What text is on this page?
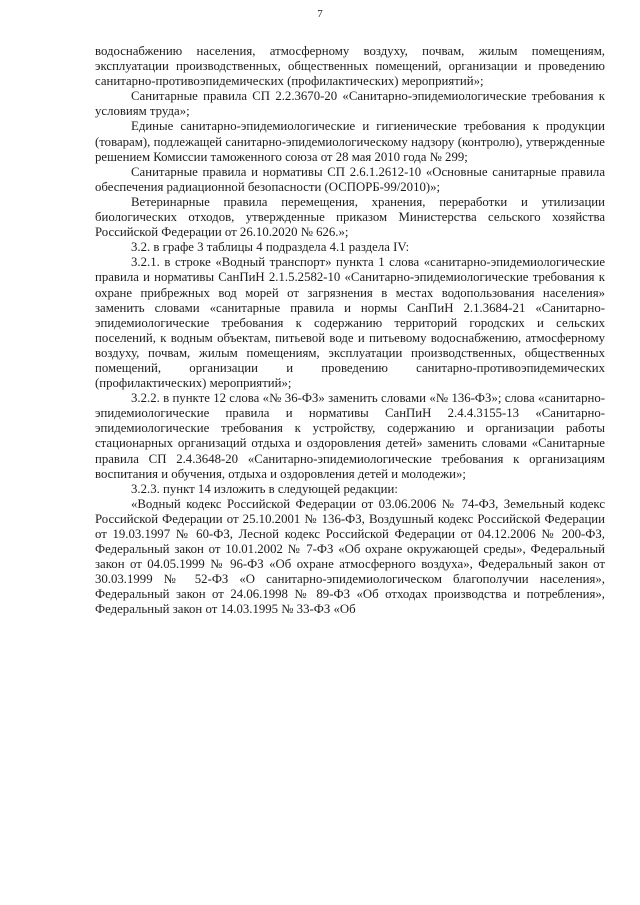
7

водоснабжению населения, атмосферному воздуху, почвам, жилым помещениям, эксплуатации производственных, общественных помещений, организации и проведению санитарно-противоэпидемических (профилактических) мероприятий»;

Санитарные правила СП 2.2.3670-20 «Санитарно-эпидемиологические требования к условиям труда»;

Единые санитарно-эпидемиологические и гигиенические требования к продукции (товарам), подлежащей санитарно-эпидемиологическому надзору (контролю), утвержденные решением Комиссии таможенного союза от 28 мая 2010 года № 299;

Санитарные правила и нормативы СП 2.6.1.2612-10 «Основные санитарные правила обеспечения радиационной безопасности (ОСПОРБ-99/2010)»;

Ветеринарные правила перемещения, хранения, переработки и утилизации биологических отходов, утвержденные приказом Министерства сельского хозяйства Российской Федерации от 26.10.2020 № 626.»;

3.2. в графе 3 таблицы 4 подраздела 4.1 раздела IV:

3.2.1. в строке «Водный транспорт» пункта 1 слова «санитарно-эпидемиологические правила и нормативы СанПиН 2.1.5.2582-10 «Санитарно-эпидемиологические требования к охране прибрежных вод морей от загрязнения в местах водопользования населения» заменить словами «санитарные правила и нормы СанПиН 2.1.3684-21 «Санитарно-эпидемиологические требования к содержанию территорий городских и сельских поселений, к водным объектам, питьевой воде и питьевому водоснабжению, атмосферному воздуху, почвам, жилым помещениям, эксплуатации производственных, общественных помещений, организации и проведению санитарно-противоэпидемических (профилактических) мероприятий»;

3.2.2. в пункте 12 слова «№ 36-ФЗ» заменить словами «№ 136-ФЗ»; слова «санитарно-эпидемиологические правила и нормативы СанПиН 2.4.4.3155-13 «Санитарно-эпидемиологические требования к устройству, содержанию и организации работы стационарных организаций отдыха и оздоровления детей» заменить словами «Санитарные правила СП 2.4.3648-20 «Санитарно-эпидемиологические требования к организациям воспитания и обучения, отдыха и оздоровления детей и молодежи»;

3.2.3. пункт 14 изложить в следующей редакции:

«Водный кодекс Российской Федерации от 03.06.2006 № 74-ФЗ, Земельный кодекс Российской Федерации от 25.10.2001 № 136-ФЗ, Воздушный кодекс Российской Федерации от 19.03.1997 № 60-ФЗ, Лесной кодекс Российской Федерации от 04.12.2006 № 200-ФЗ, Федеральный закон от 10.01.2002 № 7-ФЗ «Об охране окружающей среды», Федеральный закон от 04.05.1999 № 96-ФЗ «Об охране атмосферного воздуха», Федеральный закон от 30.03.1999 № 52-ФЗ «О санитарно-эпидемиологическом благополучии населения», Федеральный закон от 24.06.1998 № 89-ФЗ «Об отходах производства и потребления», Федеральный закон от 14.03.1995 № 33-ФЗ «Об
